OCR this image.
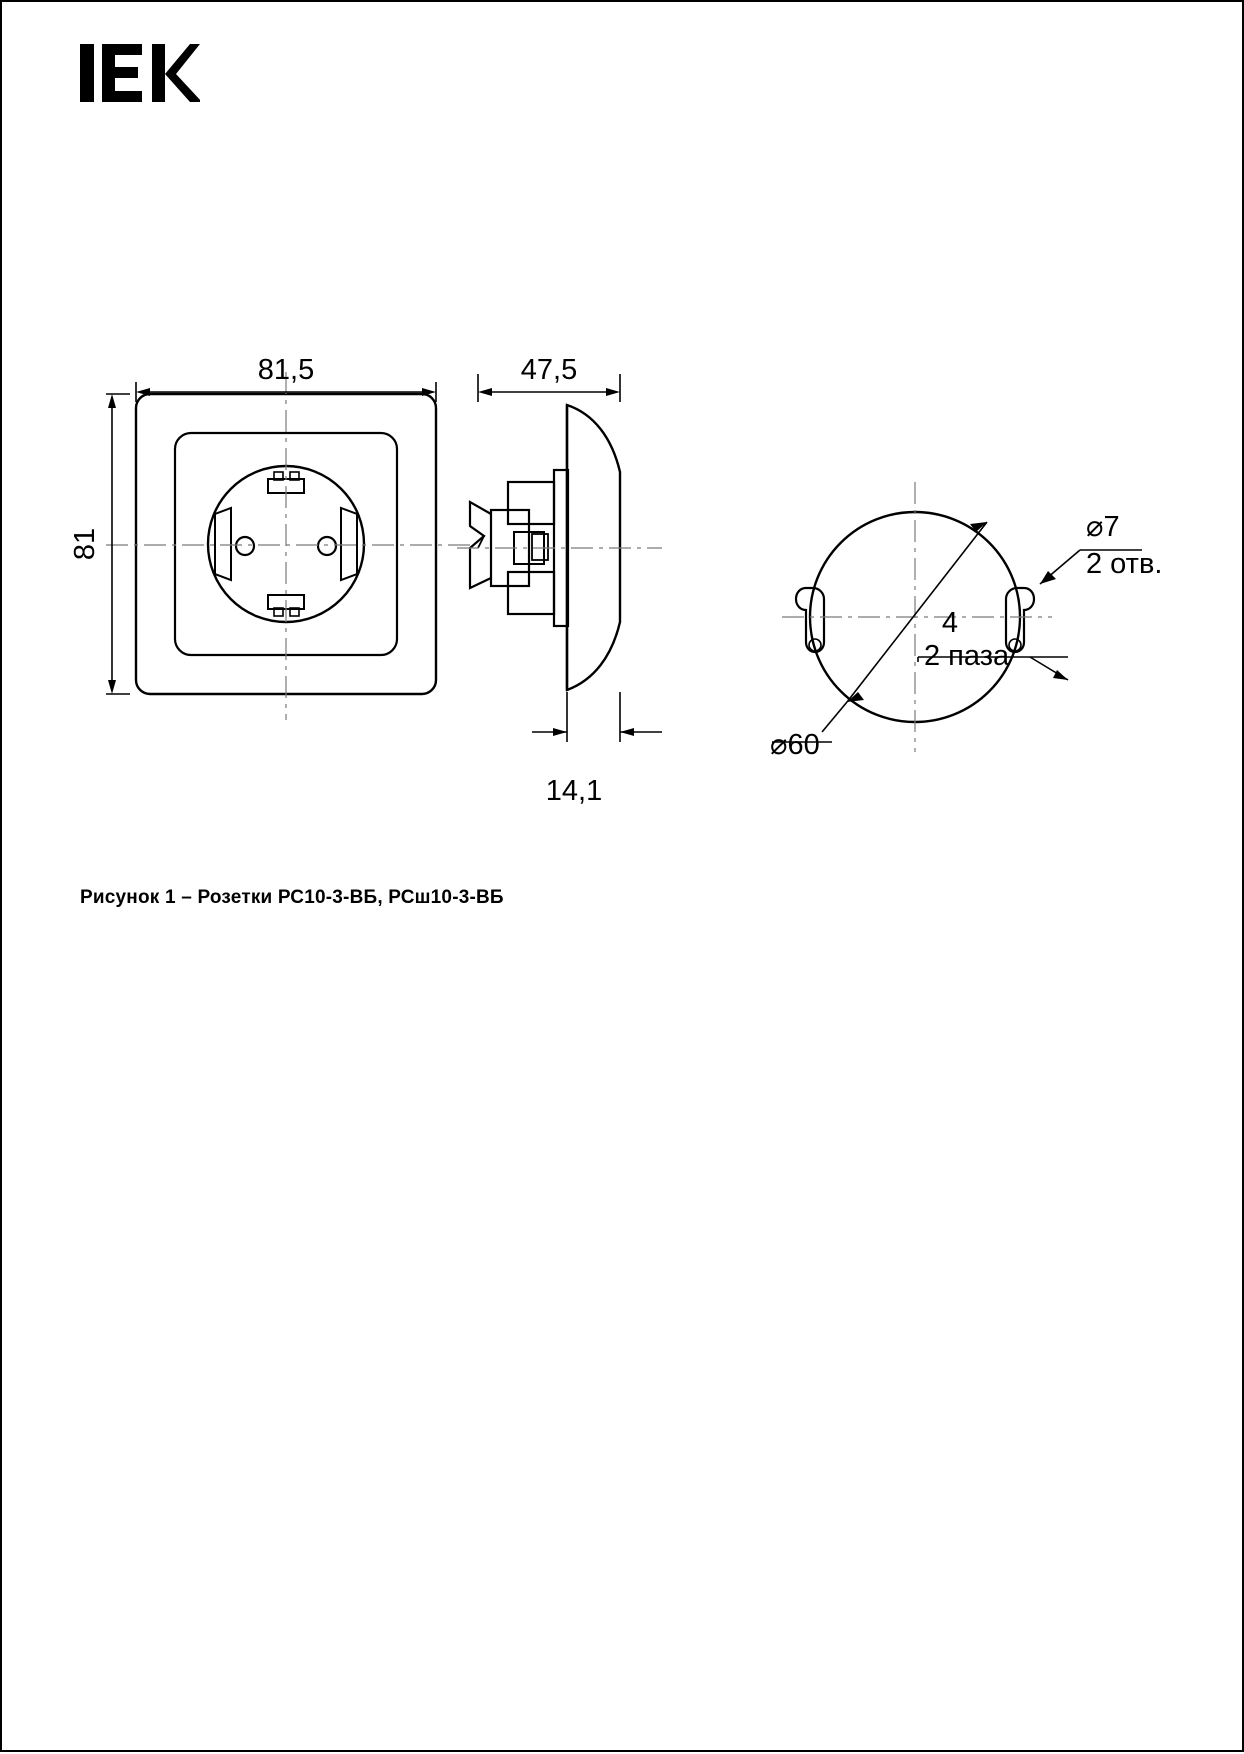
81,5
81
47,5
14,1
⌀60
⌀7
2 отв.
4
2 паза
Рисунок 1 – Розетки РС10-3-ВБ, РСш10-3-ВБ
